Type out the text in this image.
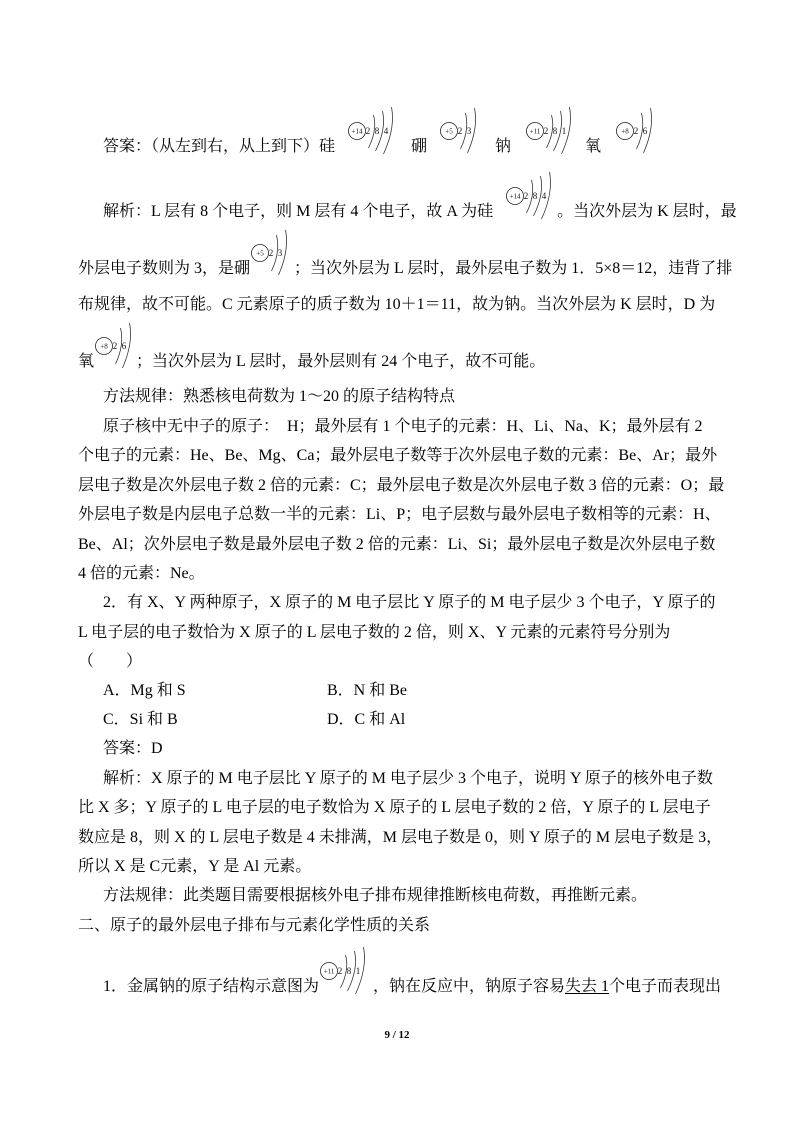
答案：（从左到右，从上到下）硅
+14 2 8 4
硼
+5 2 3
钠
+11 2 8 1
氧
+8 2 6
解析：L 层有 8 个电子，则 M 层有 4 个电子，故 A 为硅
+14 2 8 4
。当次外层为 K 层时，最
外层电子数则为 3，是硼
+5 2 3
；当次外层为 L 层时，最外层电子数为 1．5×8＝12，违背了排
布规律，故不可能。C 元素原子的质子数为 10＋1＝11，故为钠。当次外层为 K 层时，D 为
氧
+8 2 6
；当次外层为 L 层时，最外层则有 24 个电子，故不可能。
方法规律：熟悉核电荷数为 1～20 的原子结构特点
原子核中无中子的原子：  H；最外层有 1 个电子的元素：H、Li、Na、K；最外层有 2
个电子的元素：He、Be、Mg、Ca；最外层电子数等于次外层电子数的元素：Be、Ar；最外
层电子数是次外层电子数 2 倍的元素：C；最外层电子数是次外层电子数 3 倍的元素：O；最
外层电子数是内层电子总数一半的元素：Li、P；电子层数与最外层电子数相等的元素：H、
Be、Al；次外层电子数是最外层电子数 2 倍的元素：Li、Si；最外层电子数是次外层电子数
4 倍的元素：Ne。
2．有 X、Y 两种原子，X 原子的 M 电子层比 Y 原子的 M 电子层少 3 个电子，Y 原子的
L 电子层的电子数恰为 X 原子的 L 层电子数的 2 倍，则 X、Y 元素的元素符号分别为
（　　）
A．Mg 和 S	B．N 和 Be
C．Si 和 B	D．C 和 Al
答案：D
解析：X 原子的 M 电子层比 Y 原子的 M 电子层少 3 个电子，说明 Y 原子的核外电子数
比 X 多；Y 原子的 L 电子层的电子数恰为 X 原子的 L 层电子数的 2 倍，Y 原子的 L 层电子
数应是 8，则 X 的 L 层电子数是 4 未排满，M 层电子数是 0，则 Y 原子的 M 层电子数是 3，
所以 X 是 C元素，Y 是 Al 元素。
方法规律：此类题目需要根据核外电子排布规律推断核电荷数，再推断元素。
二、原子的最外层电子排布与元素化学性质的关系
1．金属钠的原子结构示意图为
+11 2 8 1
，钠在反应中，钠原子容易失去 1个电子而表现出
9 / 12
